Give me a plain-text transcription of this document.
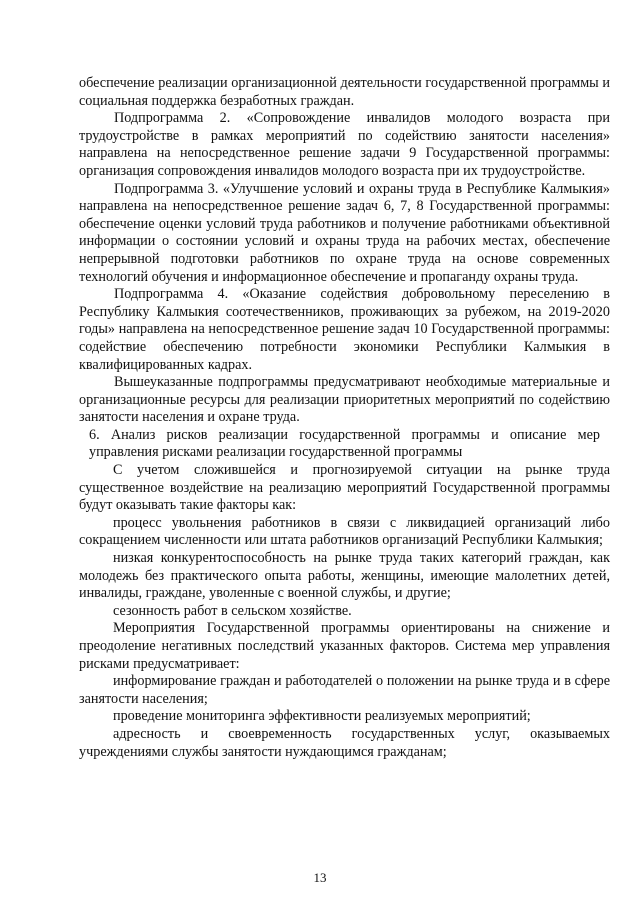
обеспечение реализации организационной деятельности государственной программы и социальная поддержка безработных граждан.

Подпрограмма 2. «Сопровождение инвалидов молодого возраста при трудоустройстве в рамках мероприятий по содействию занятости населения» направлена на непосредственное решение задачи 9 Государственной программы: организация сопровождения инвалидов молодого возраста при их трудоустройстве.

Подпрограмма 3. «Улучшение условий и охраны труда в Республике Калмыкия» направлена на непосредственное решение задач 6, 7, 8 Государственной программы: обеспечение оценки условий труда работников и получение работниками объективной информации о состоянии условий и охраны труда на рабочих местах, обеспечение непрерывной подготовки работников по охране труда на основе современных технологий обучения и информационное обеспечение и пропаганду охраны труда.

Подпрограмма 4. «Оказание содействия добровольному переселению в Республику Калмыкия соотечественников, проживающих за рубежом, на 2019-2020 годы» направлена на непосредственное решение задач 10 Государственной программы: содействие обеспечению потребности экономики Республики Калмыкия в квалифицированных кадрах.

Вышеуказанные подпрограммы предусматривают необходимые материальные и организационные ресурсы для реализации приоритетных мероприятий по содействию занятости населения и охране труда.

6. Анализ рисков реализации государственной программы и описание мер управления рисками реализации государственной программы

С учетом сложившейся и прогнозируемой ситуации на рынке труда существенное воздействие на реализацию мероприятий Государственной программы будут оказывать такие факторы как:

процесс увольнения работников в связи с ликвидацией организаций либо сокращением численности или штата работников организаций Республики Калмыкия;

низкая конкурентоспособность на рынке труда таких категорий граждан, как молодежь без практического опыта работы, женщины, имеющие малолетних детей, инвалиды, граждане, уволенные с военной службы, и другие;

сезонность работ в сельском хозяйстве.

Мероприятия Государственной программы ориентированы на снижение и преодоление негативных последствий указанных факторов. Система мер управления рисками предусматривает:

информирование граждан и работодателей о положении на рынке труда и в сфере занятости населения;

проведение мониторинга эффективности реализуемых мероприятий;

адресность и своевременность государственных услуг, оказываемых учреждениями службы занятости нуждающимся гражданам;

13
